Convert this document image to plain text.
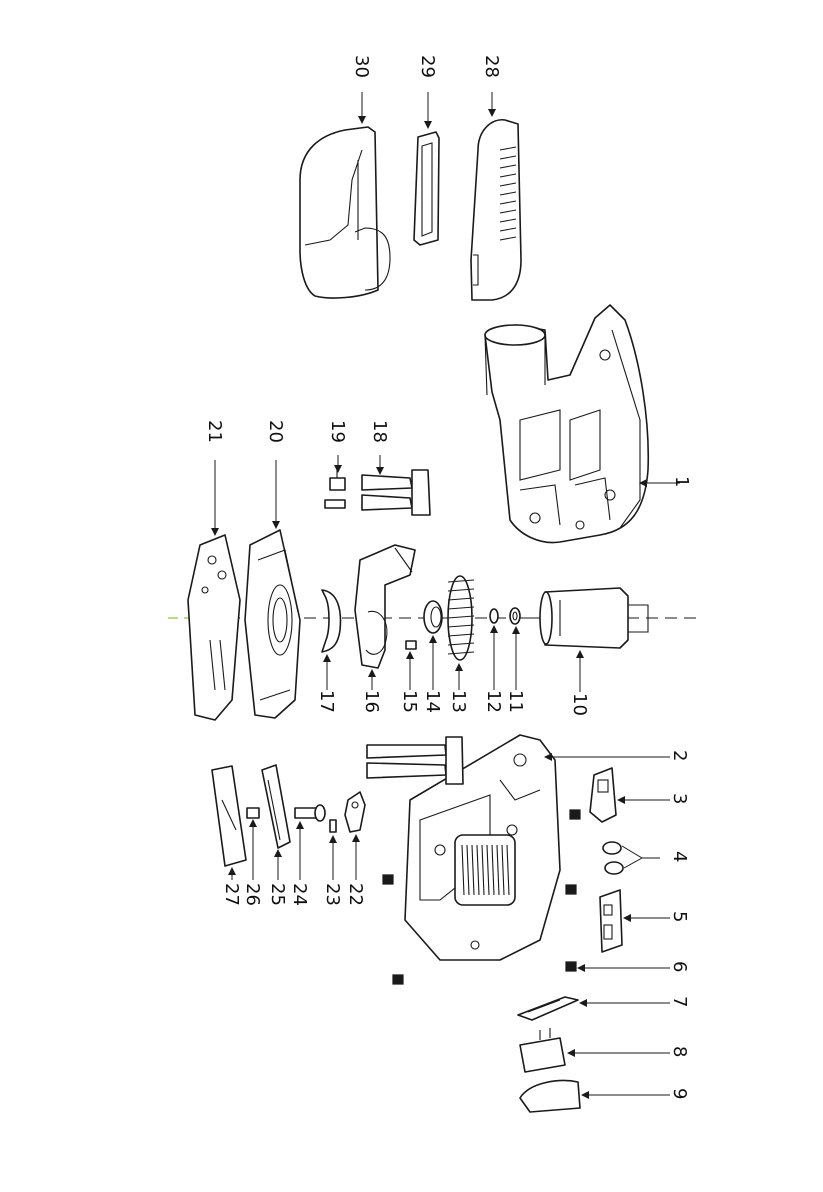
30	29 28
21 20 19 18
1
17 16 15 14 13 12 11 10
2
3
4
5
6
7
8
9
22
23
24
25
26
27
